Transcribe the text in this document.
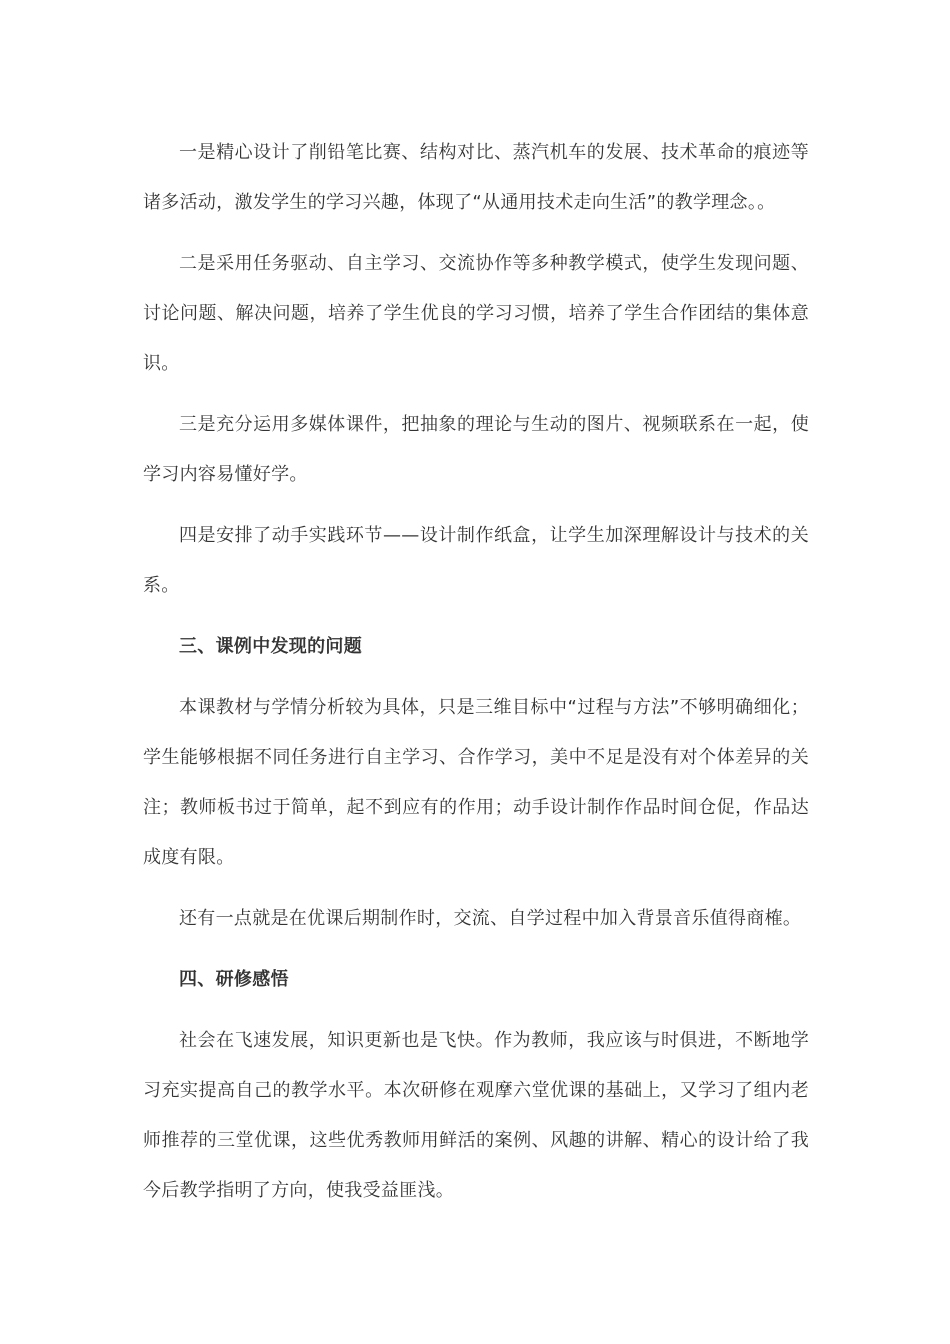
一是精心设计了削铅笔比赛、结构对比、蒸汽机车的发展、技术革命的痕迹等诸多活动，激发学生的学习兴趣，体现了“从通用技术走向生活”的教学理念。。

二是采用任务驱动、自主学习、交流协作等多种教学模式，使学生发现问题、讨论问题、解决问题，培养了学生优良的学习习惯，培养了学生合作团结的集体意识。

三是充分运用多媒体课件，把抽象的理论与生动的图片、视频联系在一起，使学习内容易懂好学。

四是安排了动手实践环节——设计制作纸盒，让学生加深理解设计与技术的关系。

三、课例中发现的问题

本课教材与学情分析较为具体，只是三维目标中“过程与方法”不够明确细化；学生能够根据不同任务进行自主学习、合作学习，美中不足是没有对个体差异的关注；教师板书过于简单，起不到应有的作用；动手设计制作作品时间仓促，作品达成度有限。

还有一点就是在优课后期制作时，交流、自学过程中加入背景音乐值得商榷。

四、研修感悟

社会在飞速发展，知识更新也是飞快。作为教师，我应该与时俱进，不断地学习充实提高自己的教学水平。本次研修在观摩六堂优课的基础上，又学习了组内老师推荐的三堂优课，这些优秀教师用鲜活的案例、风趣的讲解、精心的设计给了我今后教学指明了方向，使我受益匪浅。
